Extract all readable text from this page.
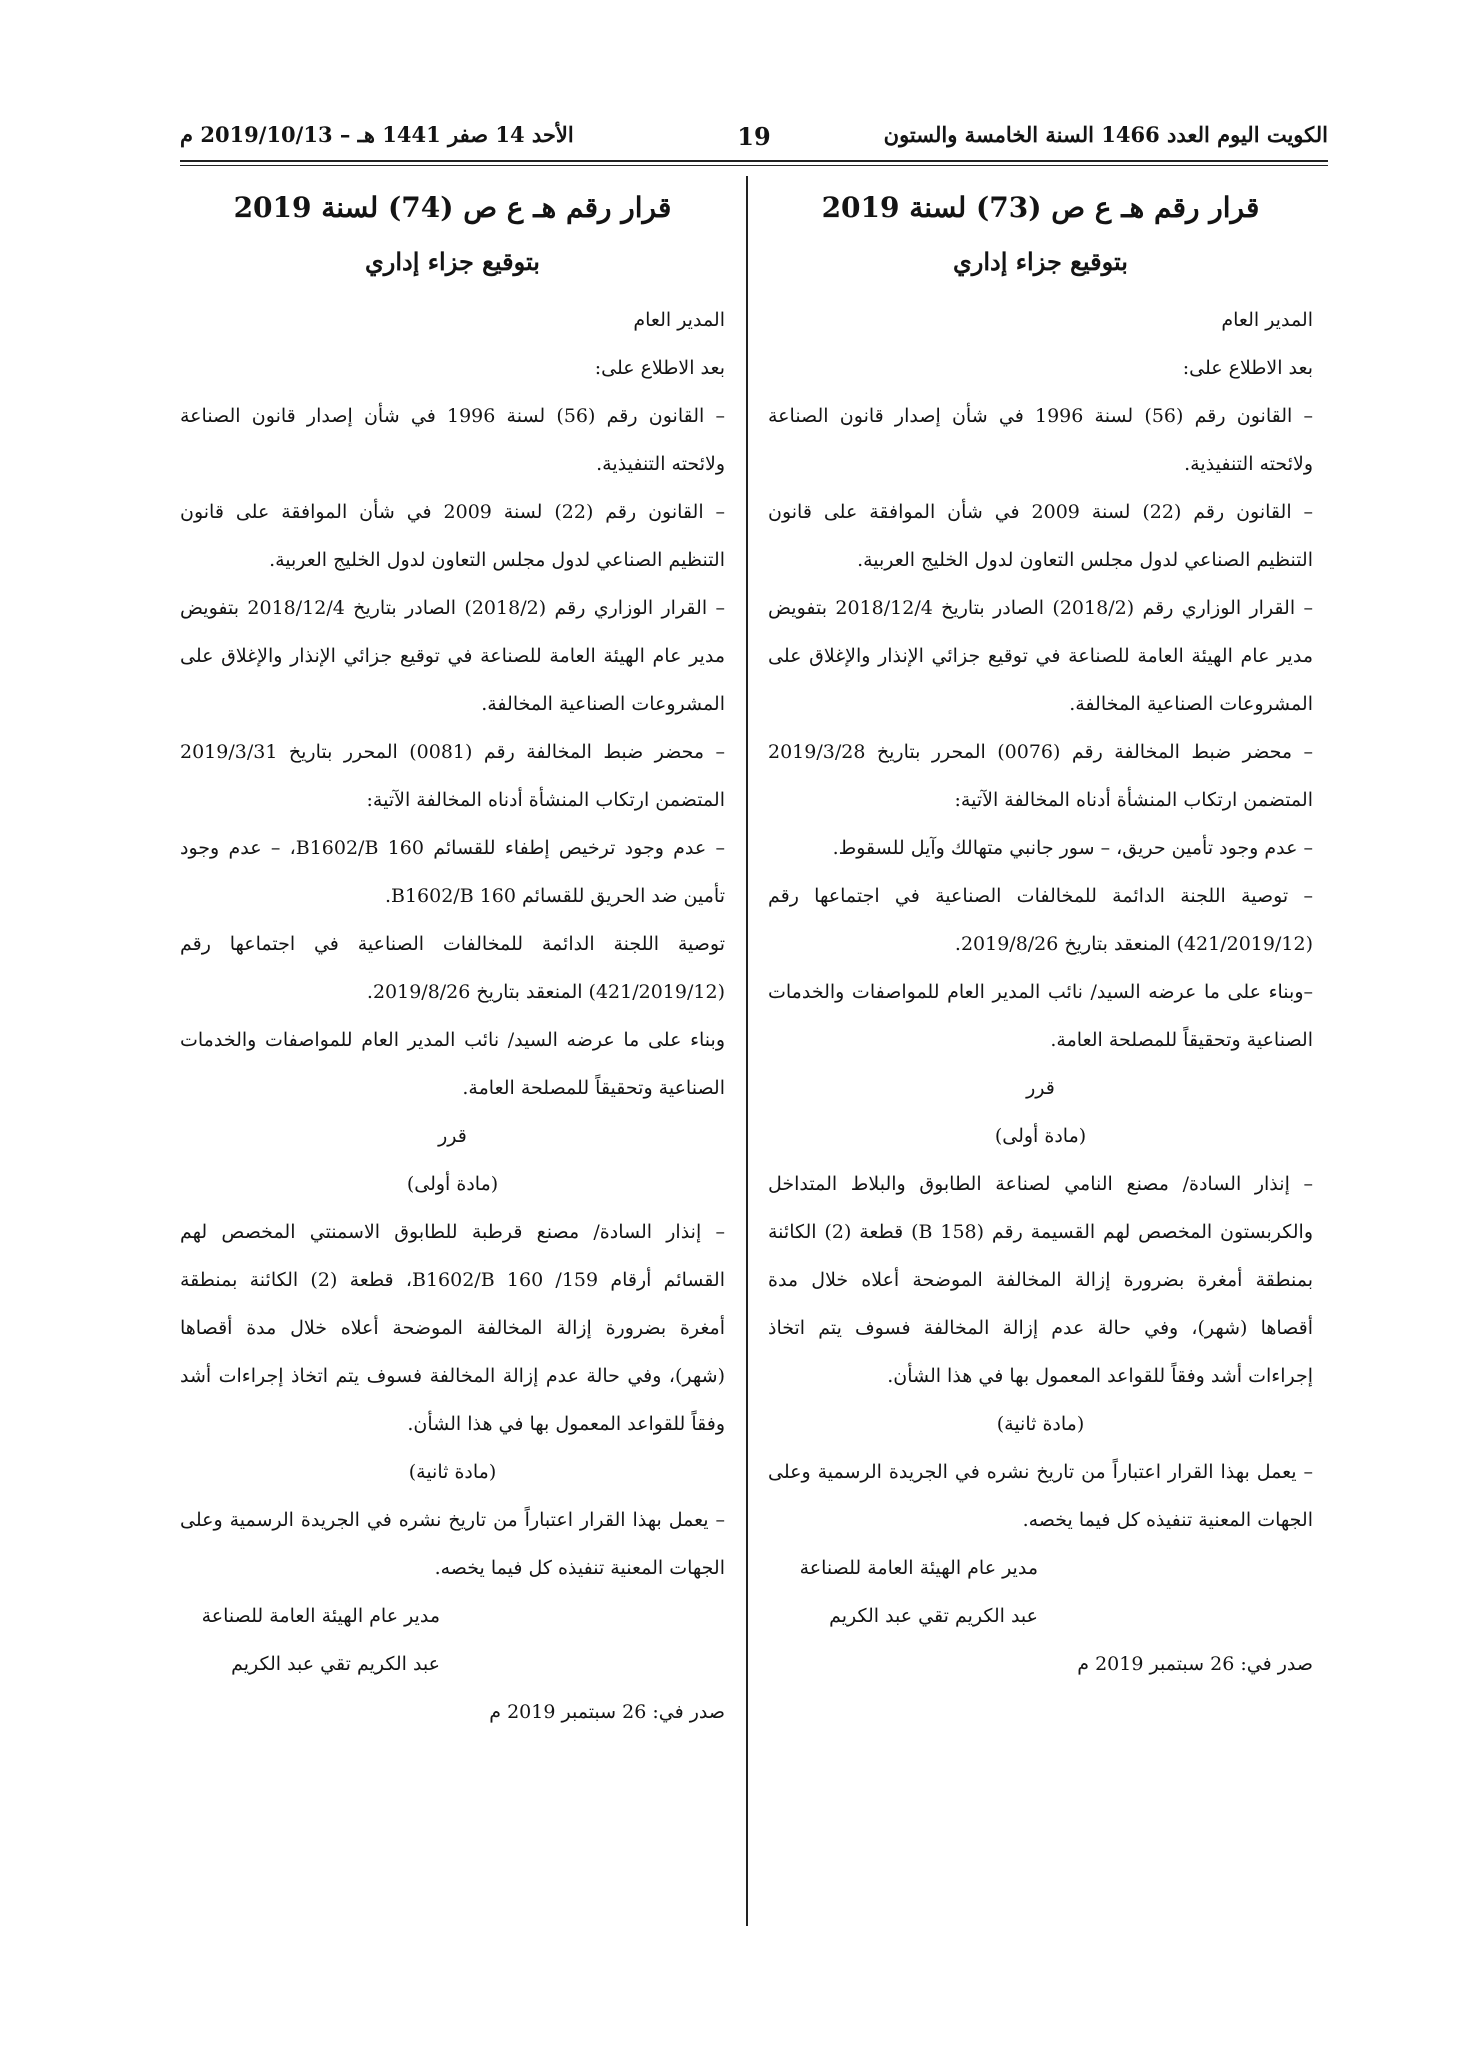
الكويت اليوم العدد 1466 السنة الخامسة والستون
19
الأحد 14 صفر 1441 هـ – 2019/10/13 م

قرار رقم هـ ع ص (73) لسنة 2019

بتوقيع جزاء إداري

المدير العام

بعد الاطلاع على:

– القانون رقم (56) لسنة 1996 في شأن إصدار قانون الصناعة ولائحته التنفيذية.

– القانون رقم (22) لسنة 2009 في شأن الموافقة على قانون التنظيم الصناعي لدول مجلس التعاون لدول الخليج العربية.

– القرار الوزاري رقم (2018/2) الصادر بتاريخ 2018/12/4 بتفويض مدير عام الهيئة العامة للصناعة في توقيع جزائي الإنذار والإغلاق على المشروعات الصناعية المخالفة.

– محضر ضبط المخالفة رقم (0076) المحرر بتاريخ 2019/3/28 المتضمن ارتكاب المنشأة أدناه المخالفة الآتية:

– عدم وجود تأمين حريق، – سور جانبي متهالك وآيل للسقوط.

– توصية اللجنة الدائمة للمخالفات الصناعية في اجتماعها رقم (421/2019/12) المنعقد بتاريخ 2019/8/26.

–وبناء على ما عرضه السيد/ نائب المدير العام للمواصفات والخدمات الصناعية وتحقيقاً للمصلحة العامة.

قرر

(مادة أولى)

– إنذار السادة/ مصنع النامي لصناعة الطابوق والبلاط المتداخل والكربستون المخصص لهم القسيمة رقم (158 B) قطعة (2) الكائنة بمنطقة أمغرة بضرورة إزالة المخالفة الموضحة أعلاه خلال مدة أقصاها (شهر)، وفي حالة عدم إزالة المخالفة فسوف يتم اتخاذ إجراءات أشد وفقاً للقواعد المعمول بها في هذا الشأن.

(مادة ثانية)

– يعمل بهذا القرار اعتباراً من تاريخ نشره في الجريدة الرسمية وعلى الجهات المعنية تنفيذه كل فيما يخصه.

مدير عام الهيئة العامة للصناعة

عبد الكريم تقي عبد الكريم

صدر في: 26 سبتمبر 2019 م

قرار رقم هـ ع ص (74) لسنة 2019

بتوقيع جزاء إداري

المدير العام

بعد الاطلاع على:

– القانون رقم (56) لسنة 1996 في شأن إصدار قانون الصناعة ولائحته التنفيذية.

– القانون رقم (22) لسنة 2009 في شأن الموافقة على قانون التنظيم الصناعي لدول مجلس التعاون لدول الخليج العربية.

– القرار الوزاري رقم (2018/2) الصادر بتاريخ 2018/12/4 بتفويض مدير عام الهيئة العامة للصناعة في توقيع جزائي الإنذار والإغلاق على المشروعات الصناعية المخالفة.

– محضر ضبط المخالفة رقم (0081) المحرر بتاريخ 2019/3/31 المتضمن ارتكاب المنشأة أدناه المخالفة الآتية:

– عدم وجود ترخيص إطفاء للقسائم B1602/B 160، – عدم وجود تأمين ضد الحريق للقسائم B1602/B 160.

توصية اللجنة الدائمة للمخالفات الصناعية في اجتماعها رقم (421/2019/12) المنعقد بتاريخ 2019/8/26.

وبناء على ما عرضه السيد/ نائب المدير العام للمواصفات والخدمات الصناعية وتحقيقاً للمصلحة العامة.

قرر

(مادة أولى)

– إنذار السادة/ مصنع قرطبة للطابوق الاسمنتي المخصص لهم القسائم أرقام 159/ B1602/B 160، قطعة (2) الكائنة بمنطقة أمغرة بضرورة إزالة المخالفة الموضحة أعلاه خلال مدة أقصاها (شهر)، وفي حالة عدم إزالة المخالفة فسوف يتم اتخاذ إجراءات أشد وفقاً للقواعد المعمول بها في هذا الشأن.

(مادة ثانية)

– يعمل بهذا القرار اعتباراً من تاريخ نشره في الجريدة الرسمية وعلى الجهات المعنية تنفيذه كل فيما يخصه.

مدير عام الهيئة العامة للصناعة

عبد الكريم تقي عبد الكريم

صدر في: 26 سبتمبر 2019 م
